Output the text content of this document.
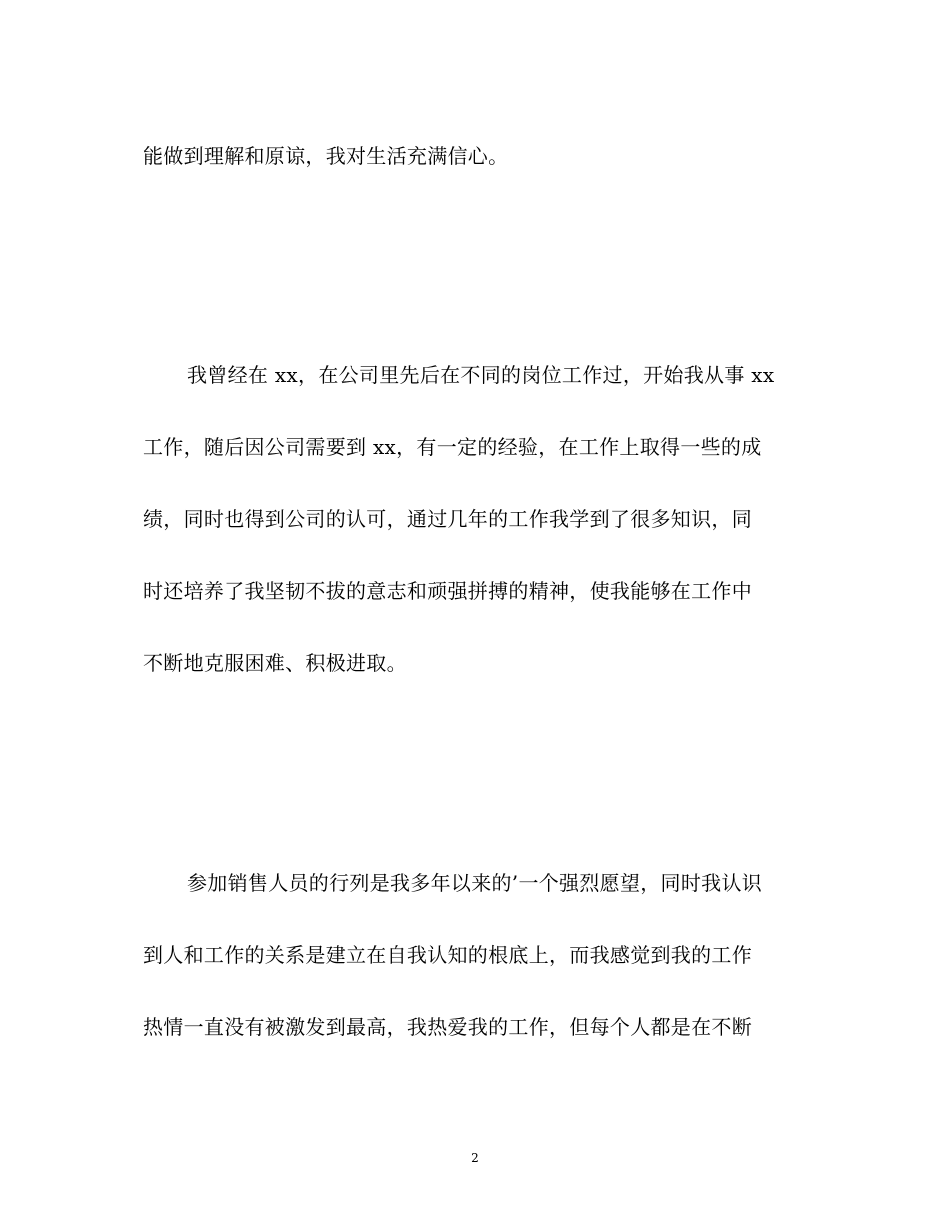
能做到理解和原谅，我对生活充满信心。
我曾经在 xx，在公司里先后在不同的岗位工作过，开始我从事 xx
工作，随后因公司需要到 xx，有一定的经验，在工作上取得一些的成
绩，同时也得到公司的认可，通过几年的工作我学到了很多知识，同
时还培养了我坚韧不拔的意志和顽强拼搏的精神，使我能够在工作中
不断地克服困难、积极进取。
参加销售人员的行列是我多年以来的’一个强烈愿望，同时我认识
到人和工作的关系是建立在自我认知的根底上，而我感觉到我的工作
热情一直没有被激发到最高，我热爱我的工作，但每个人都是在不断
2
